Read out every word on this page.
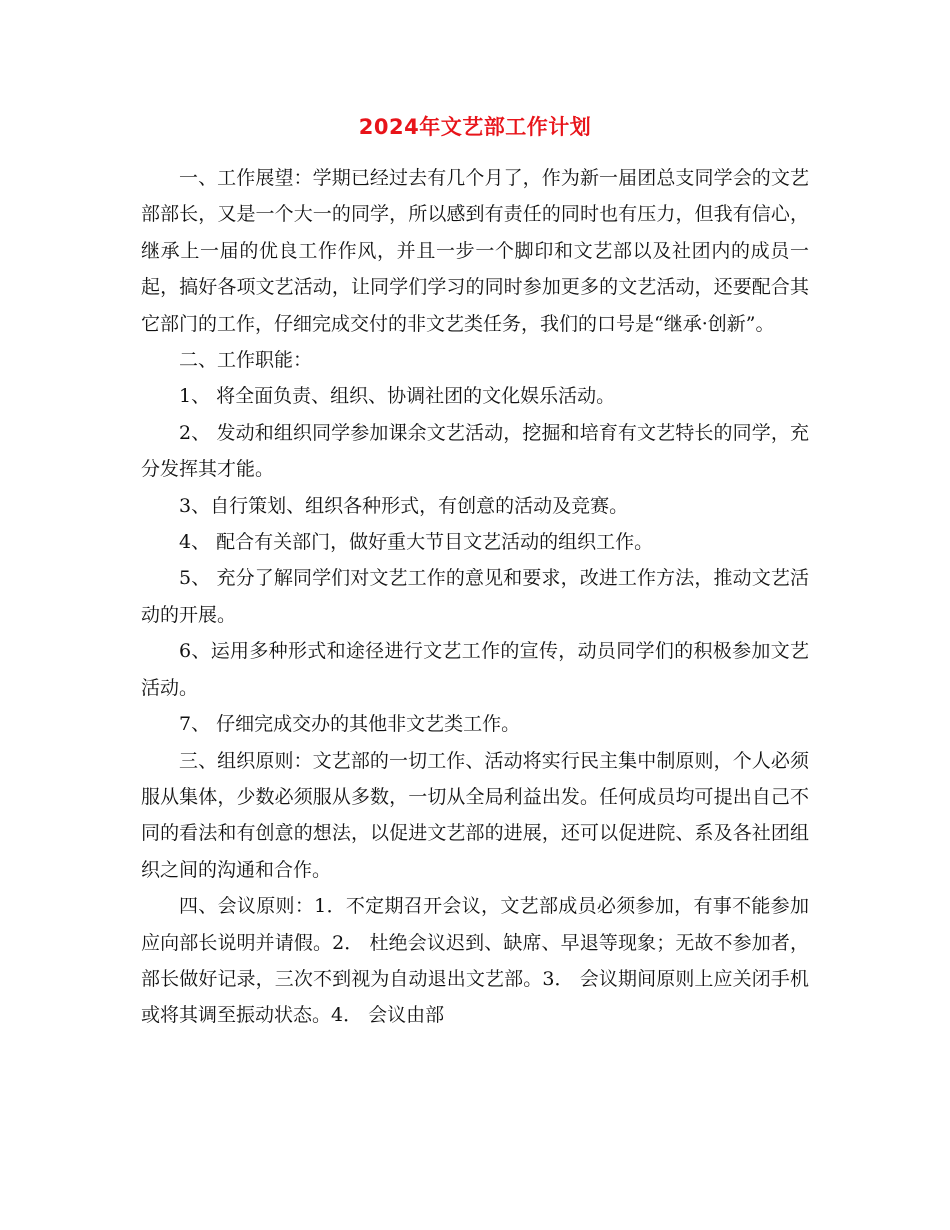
2024年文艺部工作计划

一、工作展望：学期已经过去有几个月了，作为新一届团总支同学会的文艺部部长，又是一个大一的同学，所以感到有责任的同时也有压力，但我有信心，继承上一届的优良工作作风，并且一步一个脚印和文艺部以及社团内的成员一起，搞好各项文艺活动，让同学们学习的同时参加更多的文艺活动，还要配合其它部门的工作，仔细完成交付的非文艺类任务，我们的口号是“继承·创新”。

二、工作职能：

1、 将全面负责、组织、协调社团的文化娱乐活动。

2、 发动和组织同学参加课余文艺活动，挖掘和培育有文艺特长的同学，充分发挥其才能。

3、自行策划、组织各种形式，有创意的活动及竞赛。

4、 配合有关部门，做好重大节目文艺活动的组织工作。

5、 充分了解同学们对文艺工作的意见和要求，改进工作方法，推动文艺活动的开展。

6、运用多种形式和途径进行文艺工作的宣传，动员同学们的积极参加文艺活动。

7、 仔细完成交办的其他非文艺类工作。

三、组织原则：文艺部的一切工作、活动将实行民主集中制原则，个人必须服从集体，少数必须服从多数，一切从全局利益出发。任何成员均可提出自己不同的看法和有创意的想法，以促进文艺部的进展，还可以促进院、系及各社团组织之间的沟通和合作。

四、会议原则：1．不定期召开会议，文艺部成员必须参加，有事不能参加应向部长说明并请假。2． 杜绝会议迟到、缺席、早退等现象；无故不参加者，部长做好记录，三次不到视为自动退出文艺部。3． 会议期间原则上应关闭手机或将其调至振动状态。4． 会议由部
